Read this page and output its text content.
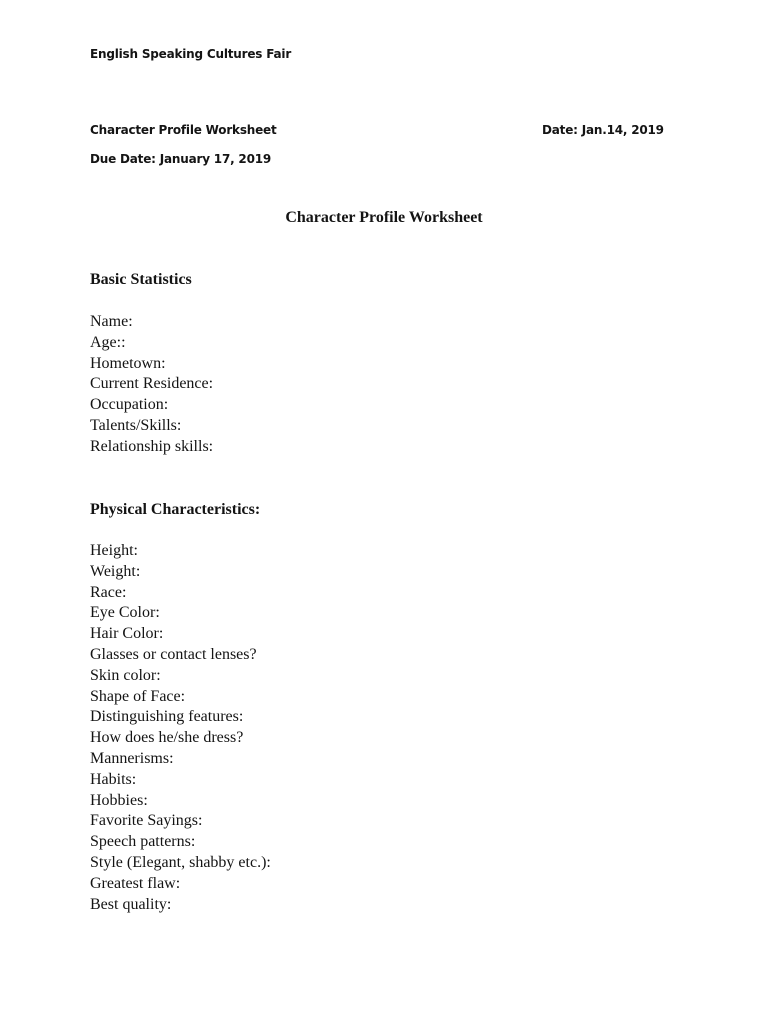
English Speaking Cultures Fair
Character Profile Worksheet	Date: Jan.14, 2019
Due Date: January 17, 2019
Character Profile Worksheet
Basic Statistics
Name:
Age::
Hometown:
Current Residence:
Occupation:
Talents/Skills:
Relationship skills:
Physical Characteristics:
Height:
Weight:
Race:
Eye Color:
Hair Color:
Glasses or contact lenses?
Skin color:
Shape of Face:
Distinguishing features:
How does he/she dress?
Mannerisms:
Habits:
Hobbies:
Favorite Sayings:
Speech patterns:
Style (Elegant, shabby etc.):
Greatest flaw:
Best quality:
